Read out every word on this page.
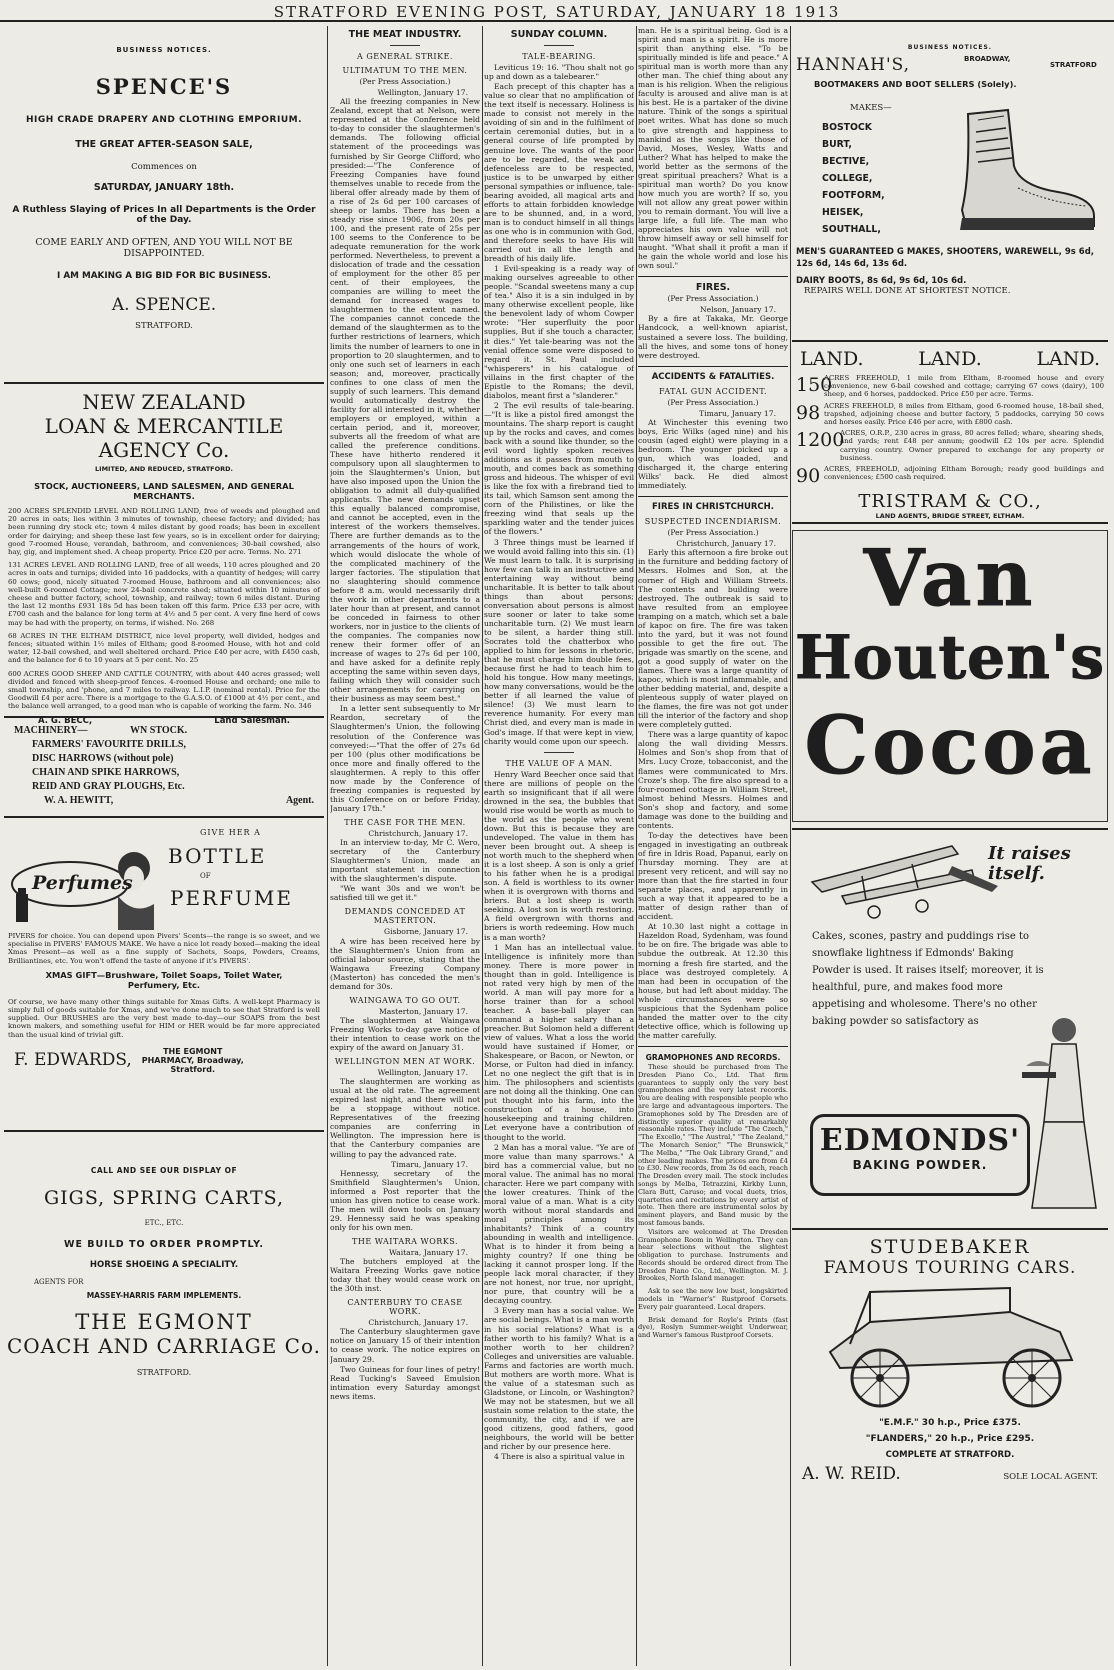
STRATFORD EVENING POST, SATURDAY, JANUARY 18 1913
BUSINESS NOTICES.
SPENCE'S
HIGH CRADE DRAPERY AND CLOTHING EMPORIUM.
THE GREAT AFTER-SEASON SALE,
Commences on
SATURDAY, JANUARY 18th.
A Ruthless Slaying of Prices In all Departments is the Order of the Day.
COME EARLY AND OFTEN, AND YOU WILL NOT BE DISAPPOINTED.
I AM MAKING A BIG BID FOR BIC BUSINESS.
A. SPENCE.
STRATFORD.
NEW ZEALAND
LOAN & MERCANTILE
AGENCY Co.
LIMITED, AND REDUCED, STRATFORD.
STOCK, AUCTIONEERS, LAND SALESMEN, AND GENERAL MERCHANTS.
200 ACRES SPLENDID LEVEL AND ROLLING LAND, free of weeds and ploughed and 20 acres in oats; lies within 3 minutes of township, cheese factory; and divided; has been running dry stock etc; town 4 miles distant by good roads; has been in excellent order for dairying; and sheep these last few years, so is in excellent order for dairying; good 7-roomed House, verandah, bathroom, and conveniences; 30-bail cowshed, also hay, gig, and implement shed. A cheap property. Price £20 per acre. Terms. No. 271
131 ACRES LEVEL AND ROLLING LAND, free of all weeds, 110 acres ploughed and 20 acres in oats and turnips; divided into 16 paddocks, with a quantity of hedges; will carry 60 cows; good, nicely situated 7-roomed House, bathroom and all conveniences; also well-built 6-roomed Cottage; new 24-bail concrete shed; situated within 10 minutes of cheese and butter factory, school, township, and railway; town 6 miles distant. During the last 12 months £931 18s 5d has been taken off this farm. Price £33 per acre, with £700 cash and the balance for long term at 4½ and 5 per cent. A very fine herd of cows may be had with the property, on terms, if wished. No. 268
68 ACRES IN THE ELTHAM DISTRICT, nice level property, well divided, hedges and fences; situated within 1½ miles of Eltham; good 8-roomed House, with hot and cold water, 12-bail cowshed, and well sheltered orchard. Price £40 per acre, with £450 cash, and the balance for 6 to 10 years at 5 per cent. No. 25
600 ACRES GOOD SHEEP AND CATTLE COUNTRY, with about 440 acres grassed; well divided and fenced with sheep-proof fences. 4-roomed House and orchard; one mile to small township, and 'phone, and 7 miles to railway. L.I.P. (nominal rental). Price for the Goodwill £4 per acre. There is a mortgage to the G.A.S.O. of £1000 at 4½ per cent., and the balance well arranged, to a good man who is capable of working the farm. No. 346
A. G. BECC,	Land Salesman.
MACHINERY—	WN STOCK.
FARMERS' FAVOURITE DRILLS,
DISC HARROWS (without pole)
CHAIN AND SPIKE HARROWS,
REID AND GRAY PLOUGHS, Etc.
W. A. HEWITT,	Agent.
Perfumes
GIVE HER A
BOTTLE
OF
PERFUME
PIVERS for choice. You can depend upon Pivers' Scents—the range is so sweet, and we specialise in PIVERS' FAMOUS MAKE. We have a nice lot ready boxed—making the ideal Xmas Present—as well as a fine supply of Sachets, Soaps, Powders, Creams, Brilliantines, etc. You won't offend the taste of anyone if it's PIVERS'.
XMAS GIFT—Brushware, Toilet Soaps, Toilet Water, Perfumery, Etc.
Of course, we have many other things suitable for Xmas Gifts. A well-kept Pharmacy is simply full of goods suitable for Xmas, and we've done much to see that Stratford is well supplied. Our BRUSHES are the very best made to-day—our SOAPS from the best known makers, and something useful for HIM or HER would be far more appreciated than the usual kind of trivial gift.
F. EDWARDS,	THE EGMONT PHARMACY, Broadway, Stratford.
CALL AND SEE OUR DISPLAY OF
GIGS, SPRING CARTS,
ETC., ETC.
WE BUILD TO ORDER PROMPTLY.
HORSE SHOEING A SPECIALITY.
AGENTS FOR
MASSEY-HARRIS FARM IMPLEMENTS.
THE EGMONT
COACH AND CARRIAGE Co.
STRATFORD.
THE MEAT INDUSTRY.
A GENERAL STRIKE.
ULTIMATUM TO THE MEN.
(Per Press Association.)
Wellington, January 17.

All the freezing companies in New Zealand, except that at Nelson, were represented at the Conference held to-day to consider the slaughtermen's demands. The following official statement of the proceedings was furnished by Sir George Clifford, who presided:—"The Conference of Freezing Companies have found themselves unable to recede from the liberal offer already made by them of a rise of 2s 6d per 100 carcases of sheep or lambs. There has been a steady rise since 1906, from 20s per 100, and the present rate of 25s per 100 seems to the Conference to be adequate remuneration for the work performed. Nevertheless, to prevent a dislocation of trade and the cessation of employment for the other 85 per cent. of their employees, the companies are willing to meet the demand for increased wages to slaughtermen to the extent named. The companies cannot concede the demand of the slaughtermen as to the further restrictions of learners, which limits the number of learners to one in proportion to 20 slaughtermen, and to only one such set of learners in each season; and, moreover, practically confines to one class of men the supply of such learners. This demand would automatically destroy the facility for all interested in it, whether employers or employed, within a certain period, and it, moreover, subverts all the freedom of what are called the preference conditions. These have hitherto rendered it compulsory upon all slaughtermen to join the Slaughtermen's Union, but have also imposed upon the Union the obligation to admit all duly-qualified applicants. The new demands upset this equally balanced compromise, and cannot be accepted, even in the interest of the workers themselves. There are further demands as to the arrangements of the hours of work, which would dislocate the whole of the complicated machinery of the larger factories. The stipulation that no slaughtering should commence before 8 a.m. would necessarily drift the work in other departments to a later hour than at present, and cannot be conceded in fairness to other workers, nor in justice to the clients of the companies. The companies now renew their former offer of an increase of wages to 27s 6d per 100, and have asked for a definite reply accepting the same within seven days, failing which they will consider such other arrangements for carrying on their business as may seem best."

In a letter sent subsequently to Mr Reardon, secretary of the Slaughtermen's Union, the following resolution of the Conference was conveyed:—"That the offer of 27s 6d per 100 (plus other modifications be once more and finally offered to the slaughtermen. A reply to this offer now made by the Conference of freezing companies is requested by this Conference on or before Friday, January 17th."

THE CASE FOR THE MEN.
Christchurch, January 17.

In an interview to-day, Mr C. Wero, secretary of the Canterbury Slaughtermen's Union, made an important statement in connection with the slaughtermen's dispute.

"We want 30s and we won't be satisfied till we get it."

DEMANDS CONCEDED AT MASTERTON.
Gisborne, January 17.

A wire has been received here by the Slaughtermen's Union from an official labour source, stating that the Waingawa Freezing Company (Masterton) has conceded the men's demand for 30s.

WAINGAWA TO GO OUT.
Masterton, January 17.

The slaughtermen at Waingawa Freezing Works to-day gave notice of their intention to cease work on the expiry of the award on January 31.

WELLINGTON MEN AT WORK.
Wellington, January 17.

The slaughtermen are working as usual at the old rate. The agreement expired last night, and there will not be a stoppage without notice. Representatives of the freezing companies are conferring in Wellington. The impression here is that the Canterbury companies are willing to pay the advanced rate.

Timaru, January 17.

Hennessy, secretary of the Smithfield Slaughtermen's Union, informed a Post reporter that the union has given notice to cease work. The men will down tools on January 29. Hennessy said he was speaking only for his own men.

THE WAITARA WORKS.
Waitara, January 17.

The butchers employed at the Waitara Freezing Works gave notice today that they would cease work on the 30th inst.

CANTERBURY TO CEASE WORK.
Christchurch, January 17.

The Canterbury slaughtermen gave notice on January 15 of their intention to cease work. The notice expires on January 29.

Two Guineas for four lines of petry! Read Tucking's Saveed Emulsion intimation every Saturday amongst news items.

SUNDAY COLUMN.
TALE-BEARING.

Leviticus 19: 16. "Thou shalt not go up and down as a talebearer."

Each precept of this chapter has a value so clear that no amplification of the text itself is necessary. Holiness is made to consist not merely in the avoiding of sin and in the fulfilment of certain ceremonial duties, but in a general course of life prompted by genuine love. The wants of the poor are to be regarded, the weak and defenceless are to be respected, justice is to be unwarped by either personal sympathies or influence, tale-bearing avoided, all magical arts and efforts to attain forbidden knowledge are to be shunned, and, in a word, man is to conduct himself in all things as one who is in communion with God, and therefore seeks to have His will carried out in all the length and breadth of his daily life.

1 Evil-speaking is a ready way of making ourselves agreeable to other people. "Scandal sweetens many a cup of tea." Also it is a sin indulged in by many otherwise excellent people, like the benevolent lady of whom Cowper wrote: "Her superfluity the poor supplies, But if she touch a character, it dies." Yet tale-bearing was not the venial offence some were disposed to regard it. St. Paul included "whisperers" in his catalogue of villains in the first chapter of the Epistle to the Romans; the devil, diabolos, meant first a "slanderer."

2 The evil results of tale-bearing.—"It is like a pistol fired amongst the mountains. The sharp report is caught up by the rocks and caves, and comes back with a sound like thunder, so the evil word lightly spoken receives additions as it passes from mouth to mouth, and comes back as something gross and hideous. The whisper of evil is like the fox with a firebrand tied to its tail, which Samson sent among the corn of the Philistines, or like the freezing wind that seals up the sparkling water and the tender juices of the flowers."

3 Three things must be learned if we would avoid falling into this sin. (1) We must learn to talk. It is surprising how few can talk in an instructive and entertaining way without being uncharitable. It is better to talk about things than about persons; conversation about persons is almost sure sooner or later to take some uncharitable turn. (2) We must learn to be silent, a harder thing still. Socrates told the chatterbox who applied to him for lessons in rhetoric, that he must charge him double fees, because first he had to teach him to hold his tongue. How many meetings, how many conversations, would be the better if all learned the value of silence! (3) We must learn to reverence humanity. For every man Christ died, and every man is made in God's image. If that were kept in view, charity would come upon our speech.

THE VALUE OF A MAN.

Henry Ward Beecher once said that there are millions of people on the earth so insignificant that if all were drowned in the sea, the bubbles that would rise would be worth as much to the world as the people who went down. But this is because they are undeveloped. The value in them has never been brought out. A sheep is not worth much to the shepherd when it is a lost sheep. A son is only a grief to his father when he is a prodigal son. A field is worthless to its owner when it is overgrown with thorns and briers. But a lost sheep is worth seeking. A lost son is worth restoring. A field overgrown with thorns and briers is worth redeeming. How much is a man worth?

1 Man has an intellectual value. Intelligence is infinitely more than money. There is more power in thought than in gold. Intelligence is not rated very high by men of the world. A man will pay more for a horse trainer than for a school teacher. A base-ball player can command a higher salary than a preacher. But Solomon held a different view of values. What a loss the world would have sustained if Homer, or Shakespeare, or Bacon, or Newton, or Morse, or Fulton had died in infancy. Let no one neglect the gift that is in him. The philosophers and scientists are not doing all the thinking. One can put thought into his farm, into the construction of a house, into housekeeping and training children. Let everyone have a contribution of thought to the world.

2 Man has a moral value. "Ye are of more value than many sparrows." A bird has a commercial value, but no moral value. The animal has no moral character. Here we part company with the lower creatures. Think of the moral value of a man. What is a city worth without moral standards and moral principles among its inhabitants? Think of a country abounding in wealth and intelligence. What is to hinder it from being a mighty country? If one thing be lacking it cannot prosper long. If the people lack moral character, if they are not honest, nor true, nor upright, nor pure, that country will be a decaying country.

3 Every man has a social value. We are social beings. What is a man worth in his social relations? What is a father worth to his family? What is a mother worth to her children? Colleges and universities are valuable. Farms and factories are worth much. But mothers are worth more. What is the value of a statesman such as Gladstone, or Lincoln, or Washington? We may not be statesmen, but we all sustain some relation to the state, the community, the city, and if we are good citizens, good fathers, good neighbours, the world will be better and richer by our presence here.

4 There is also a spiritual value in

man. He is a spiritual being. God is a spirit and man is a spirit. He is more spirit than anything else. "To be spiritually minded is life and peace." A spiritual man is worth more than any other man. The chief thing about any man is his religion. When the religious faculty is aroused and alive man is at his best. He is a partaker of the divine nature. Think of the songs a spiritual poet writes. What has done so much to give strength and happiness to mankind as the songs like those of David, Moses, Wesley, Watts and Luther? What has helped to make the world better as the sermons of the great spiritual preachers? What is a spiritual man worth? Do you know how much you are worth? If so, you will not allow any great power within you to remain dormant. You will live a large life, a full life. The man who appreciates his own value will not throw himself away or sell himself for naught. "What shall it profit a man if he gain the whole world and lose his own soul."

FIRES.
(Per Press Association.)
Nelson, January 17.

By a fire at Takaka, Mr. George Handcock, a well-known apiarist, sustained a severe loss. The building, all the hives, and some tons of honey were destroyed.

ACCIDENTS & FATALITIES.
FATAL GUN ACCIDENT.
(Per Press Association.)
Timaru, January 17.

At Winchester this evening two boys, Eric Wilks (aged nine) and his cousin (aged eight) were playing in a bedroom. The younger picked up a gun, which was loaded, and discharged it, the charge entering Wilks' back. He died almost immediately.

FIRES IN CHRISTCHURCH.
SUSPECTED INCENDIARISM.
(Per Press Association.)
Christchurch, January 17.

Early this afternoon a fire broke out in the furniture and bedding factory of Messrs. Holmes and Son, at the corner of High and William Streets. The contents and building were destroyed. The outbreak is said to have resulted from an employee tramping on a match, which set a bale of kapoc on fire. The fire was taken into the yard, but it was not found possible to get the fire out. The brigade was smartly on the scene, and got a good supply of water on the flames. There was a large quantity of kapoc, which is most inflammable, and other bedding material, and, despite a plenteous supply of water played on the flames, the fire was not got under till the interior of the factory and shop were completely gutted.

There was a large quantity of kapoc along the wall dividing Messrs. Holmes and Son's shop from that of Mrs. Lucy Croze, tobacconist, and the flames were communicated to Mrs. Croze's shop. The fire also spread to a four-roomed cottage in William Street, almost behind Messrs. Holmes and Son's shop and factory, and some damage was done to the building and contents.

To-day the detectives have been engaged in investigating an outbreak of fire in Idris Road, Papanui, early on Thursday morning. They are at present very reticent, and will say no more than that the fire started in four separate places, and apparently in such a way that it appeared to be a matter of design rather than of accident.

At 10.30 last night a cottage in Hazeldon Road, Sydenham, was found to be on fire. The brigade was able to subdue the outbreak. At 12.30 this morning a fresh fire started, and the place was destroyed completely. A man had been in occupation of the house, but had left about midday. The whole circumstances were so suspicious that the Sydenham police handed the matter over to the city detective office, which is following up the matter carefully.

GRAMOPHONES AND RECORDS.

These should be purchased from The Dresden Piano Co., Ltd. That firm guarantees to supply only the very best gramophones and the very latest records. You are dealing with responsible people who are large and advantageous importers. The Gramophones sold by The Dresden are of distinctly superior quality at remarkably reasonable rates. They include "The Czech," "The Excello," "The Austral," "The Zealand," "The Monarch Senior," "The Brunswick," "The Melba," "The Oak Library Grand," and other leading makes. The prices are from £4 to £30. New records, from 3s 6d each, reach The Dresden every mail. The stock includes songs by Melba, Tetrazzini, Kirkby Lunn, Clara Butt, Caruso; and vocal duets, trios, quartettes and recitations by every artist of note. Then there are instrumental solos by eminent players, and Band music by the most famous bands.

Visitors are welcomed at The Dresden Gramophone Room in Wellington. They can hear selections without the slightest obligation to purchase. Instruments and Records should be ordered direct from The Dresden Piano Co., Ltd., Wellington. M. J. Brookes, North Island manager.

Ask to see the new low bust, longskirted models in "Warner's" Rustproof Corsets. Every pair guaranteed. Local drapers.

Brisk demand for Royle's Prints (fast dye), Roslyn Summer-weight Underwear, and Warner's famous Rustproof Corsets.

BUSINESS NOTICES.
HANNAH'S,	BROADWAY,
STRATFORD
BOOTMAKERS AND BOOT SELLERS (Solely).
MAKES—
BOSTOCK
BURT,
BECTIVE,
COLLEGE,
FOOTFORM,
HEISEK,
SOUTHALL,
MEN'S GUARANTEED G MAKES, SHOOTERS, WAREWELL, 9s 6d, 12s 6d, 14s 6d, 13s 6d.
DAIRY BOOTS, 8s 6d, 9s 6d, 10s 6d.
REPAIRS WELL DONE AT SHORTEST NOTICE.
LAND.	LAND.	LAND.
150
ACRES FREEHOLD, 1 mile from Eltham, 8-roomed house and every convenience, new 6-bail cowshed and cottage; carrying 67 cows (dairy), 100 sheep, and 6 horses, paddocked. Price £50 per acre. Terms.
98 ACRES FREEHOLD, 8 miles from Eltham, good 6-roomed house, 18-bail shed, trapshed, adjoining cheese and butter factory, 5 paddocks, carrying 50 cows and horses easily. Price £46 per acre, with £800 cash.
1200
ACRES, O.R.P., 230 acres in grass, 80 acres felled; whare, shearing sheds, and yards; rent £48 per annum; goodwill £2 10s per acre. Splendid carrying country. Owner prepared to exchange for any property or business.
90 ACRES, FREEHOLD, adjoining Eltham Borough; ready good buildings and conveniences; £500 cash required.
TRISTRAM & CO.,
LAND AGENTS, BRIDGE STREET, ELTHAM.
Van
Houten's
Cocoa
It raises itself.
Cakes, scones, pastry and puddings rise to snowflake lightness if Edmonds' Baking Powder is used. It raises itself; moreover, it is healthful, pure, and makes food more appetising and wholesome. There's no other baking powder so satisfactory as
EDMONDS'
BAKING POWDER.
STUDEBAKER
FAMOUS TOURING CARS.
"E.M.F." 30 h.p., Price £375.
"FLANDERS," 20 h.p., Price £295.
COMPLETE AT STRATFORD.
A. W. REID.	SOLE LOCAL AGENT.
